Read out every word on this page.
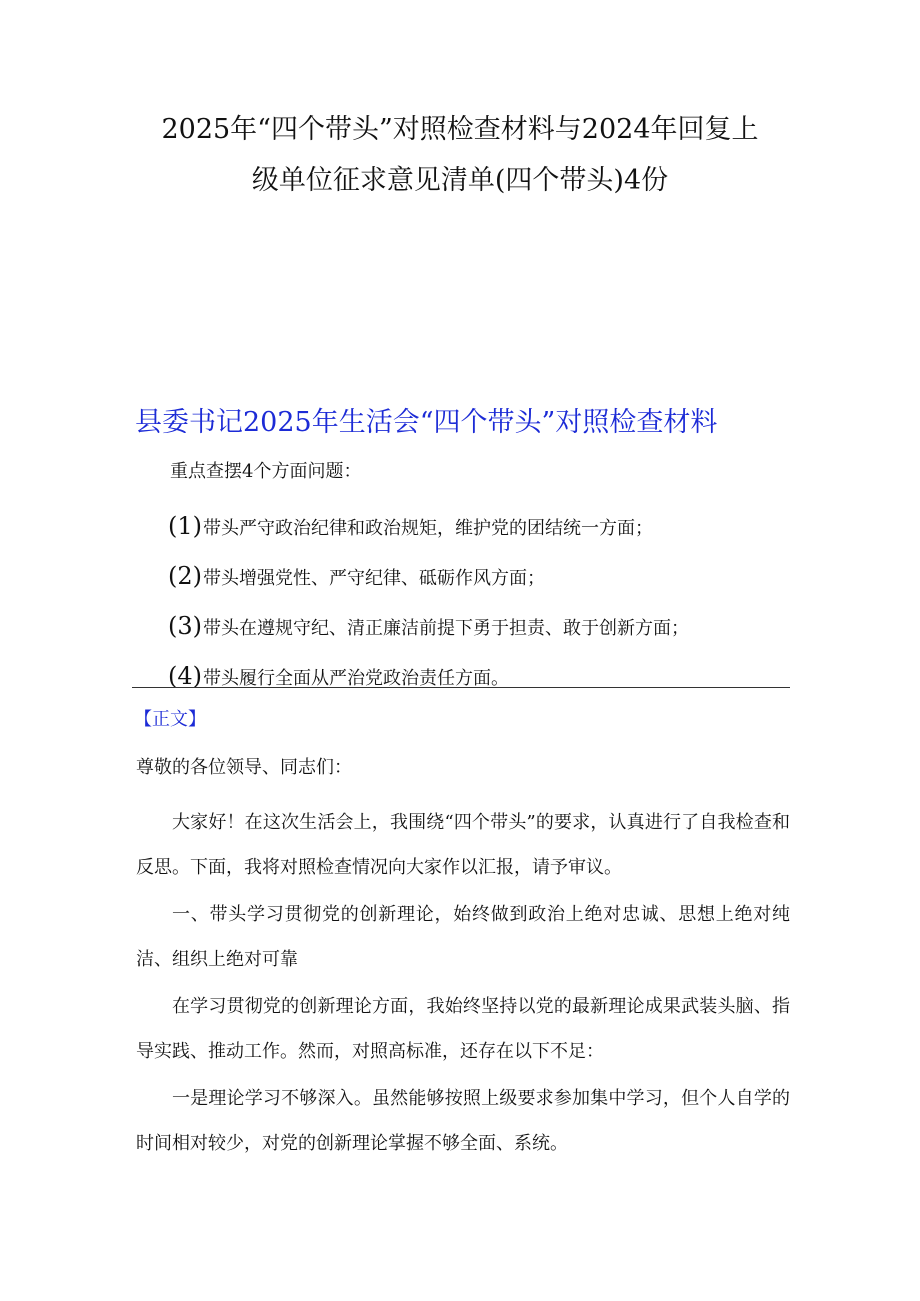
2025年“四个带头”对照检查材料与2024年回复上
级单位征求意见清单(四个带头)4份
县委书记2025年生活会“四个带头”对照检查材料
重点查摆4个方面问题：
(1)带头严守政治纪律和政治规矩，维护党的团结统一方面；
(2)带头增强党性、严守纪律、砥砺作风方面；
(3)带头在遵规守纪、清正廉洁前提下勇于担责、敢于创新方面；
(4)带头履行全面从严治党政治责任方面。
【正文】
尊敬的各位领导、同志们：

大家好！在这次生活会上，我围绕“四个带头”的要求，认真进行了自我检查和反思。下面，我将对照检查情况向大家作以汇报，请予审议。

一、带头学习贯彻党的创新理论，始终做到政治上绝对忠诚、思想上绝对纯洁、组织上绝对可靠

在学习贯彻党的创新理论方面，我始终坚持以党的最新理论成果武装头脑、指导实践、推动工作。然而，对照高标准，还存在以下不足：

一是理论学习不够深入。虽然能够按照上级要求参加集中学习，但个人自学的时间相对较少，对党的创新理论掌握不够全面、系统。
